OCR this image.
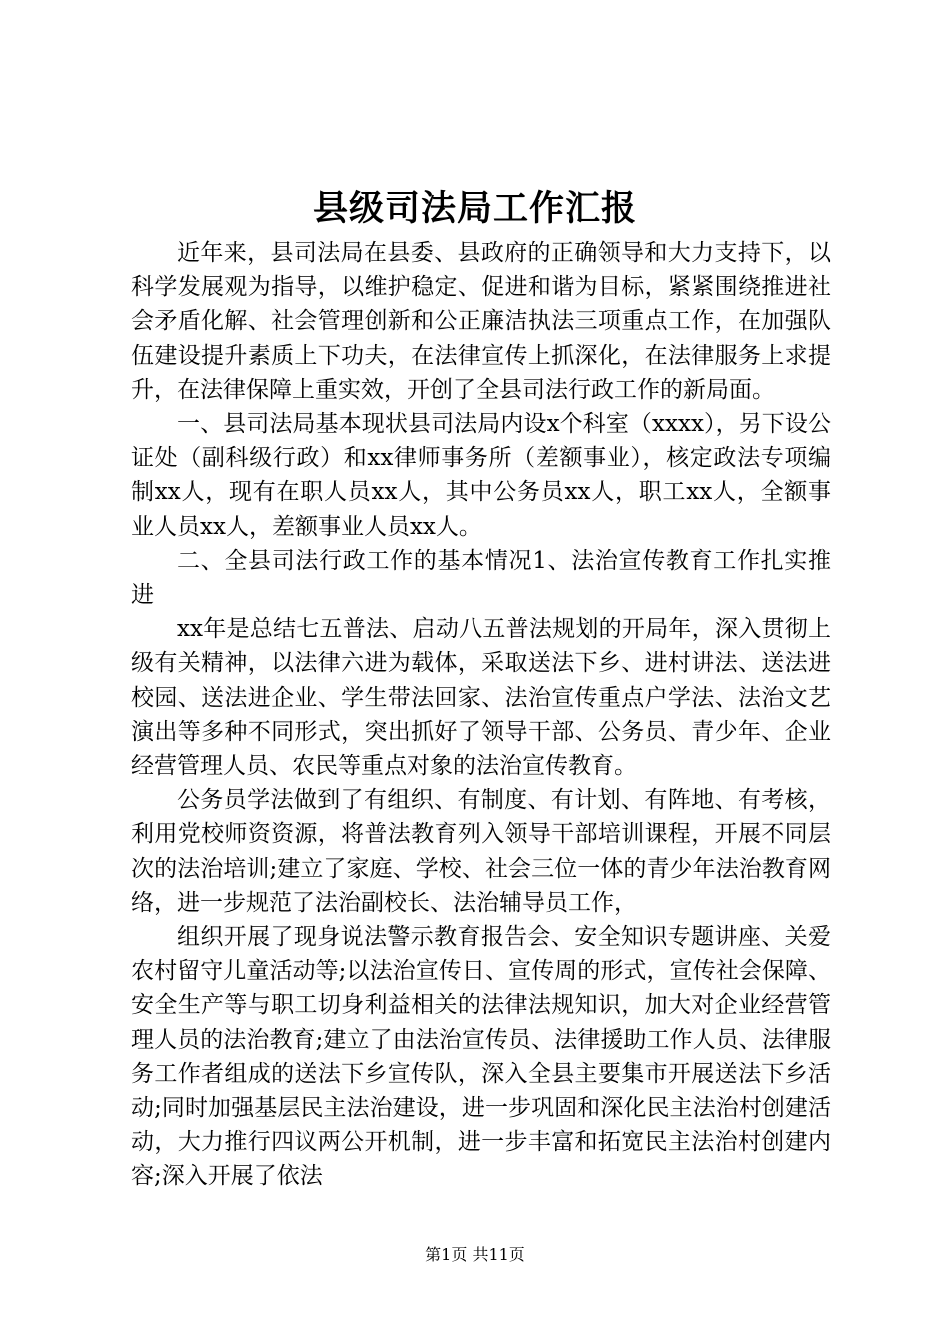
县级司法局工作汇报

近年来，县司法局在县委、县政府的正确领导和大力支持下，以科学发展观为指导，以维护稳定、促进和谐为目标，紧紧围绕推进社会矛盾化解、社会管理创新和公正廉洁执法三项重点工作，在加强队伍建设提升素质上下功夫，在法律宣传上抓深化，在法律服务上求提升，在法律保障上重实效，开创了全县司法行政工作的新局面。

一、县司法局基本现状县司法局内设x个科室（xxxx），另下设公证处（副科级行政）和xx律师事务所（差额事业），核定政法专项编制xx人，现有在职人员xx人，其中公务员xx人，职工xx人，全额事业人员xx人，差额事业人员xx人。

二、全县司法行政工作的基本情况1、法治宣传教育工作扎实推进

xx年是总结七五普法、启动八五普法规划的开局年，深入贯彻上级有关精神，以法律六进为载体，采取送法下乡、进村讲法、送法进校园、送法进企业、学生带法回家、法治宣传重点户学法、法治文艺演出等多种不同形式，突出抓好了领导干部、公务员、青少年、企业经营管理人员、农民等重点对象的法治宣传教育。

公务员学法做到了有组织、有制度、有计划、有阵地、有考核，利用党校师资资源，将普法教育列入领导干部培训课程，开展不同层次的法治培训;建立了家庭、学校、社会三位一体的青少年法治教育网络，进一步规范了法治副校长、法治辅导员工作，

组织开展了现身说法警示教育报告会、安全知识专题讲座、关爱农村留守儿童活动等;以法治宣传日、宣传周的形式，宣传社会保障、安全生产等与职工切身利益相关的法律法规知识，加大对企业经营管理人员的法治教育;建立了由法治宣传员、法律援助工作人员、法律服务工作者组成的送法下乡宣传队，深入全县主要集市开展送法下乡活动;同时加强基层民主法治建设，进一步巩固和深化民主法治村创建活动，大力推行四议两公开机制，进一步丰富和拓宽民主法治村创建内容;深入开展了依法

第1页 共11页
